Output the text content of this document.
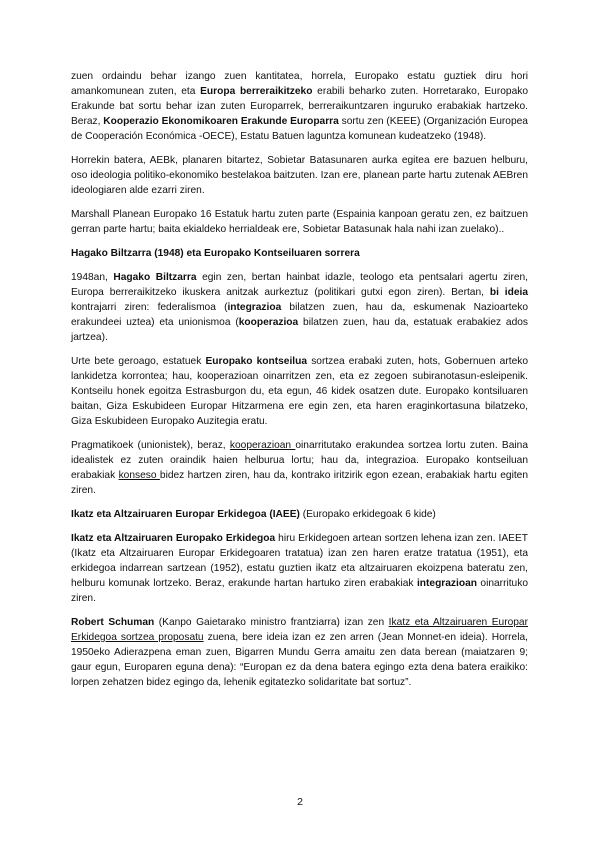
zuen ordaindu behar izango zuen kantitatea, horrela, Europako estatu guztiek diru hori amankomunean zuten, eta Europa berreraikitzeko erabili beharko zuten. Horretarako, Europako Erakunde bat sortu behar izan zuten Europarrek, berreraikuntzaren inguruko erabakiak hartzeko. Beraz, Kooperazio Ekonomikoaren Erakunde Europarra sortu zen (KEEE) (Organización Europea de Cooperación Económica -OECE), Estatu Batuen laguntza komunean kudeatzeko (1948).

Horrekin batera, AEBk, planaren bitartez, Sobietar Batasunaren aurka egitea ere bazuen helburu, oso ideologia politiko-ekonomiko bestelakoa baitzuten. Izan ere, planean parte hartu zutenak AEBren ideologiaren alde ezarri ziren.

Marshall Planean Europako 16 Estatuk hartu zuten parte (Espainia kanpoan geratu zen, ez baitzuen gerran parte hartu; baita ekialdeko herrialdeak ere, Sobietar Batasunak hala nahi izan zuelako)..

Hagako Biltzarra (1948) eta Europako Kontseiluaren sorrera

1948an, Hagako Biltzarra egin zen, bertan hainbat idazle, teologo eta pentsalari agertu ziren, Europa berreraikitzeko ikuskera anitzak aurkeztuz (politikari gutxi egon ziren). Bertan, bi ideia kontrajarri ziren: federalismoa (integrazioa bilatzen zuen, hau da, eskumenak Nazioarteko erakundeei uztea) eta unionismoa (kooperazioa bilatzen zuen, hau da, estatuak erabakiez ados jartzea).

Urte bete geroago, estatuek Europako kontseilua sortzea erabaki zuten, hots, Gobernuen arteko lankidetza korrontea; hau, kooperazioan oinarritzen zen, eta ez zegoen subiranotasun-esleipenik. Kontseilu honek egoitza Estrasburgon du, eta egun, 46 kidek osatzen dute. Europako kontsiluaren baitan, Giza Eskubideen Europar Hitzarmena ere egin zen, eta haren eraginkortasuna bilatzeko, Giza Eskubideen Europako Auzitegia eratu.

Pragmatikoek (unionistek), beraz, kooperazioan oinarritutako erakundea sortzea lortu zuten. Baina idealistek ez zuten oraindik haien helburua lortu; hau da, integrazioa. Europako kontseiluan erabakiak konseso bidez hartzen ziren, hau da, kontrako iritzirik egon ezean, erabakiak hartu egiten ziren.

Ikatz eta Altzairuaren Europar Erkidegoa (IAEE) (Europako erkidegoak 6 kide)

Ikatz eta Altzairuaren Europako Erkidegoa hiru Erkidegoen artean sortzen lehena izan zen. IAEET (Ikatz eta Altzairuaren Europar Erkidegoaren tratatua) izan zen haren eratze tratatua (1951), eta erkidegoa indarrean sartzean (1952), estatu guztien ikatz eta altzairuaren ekoizpena bateratu zen, helburu komunak lortzeko. Beraz, erakunde hartan hartuko ziren erabakiak integrazioan oinarrituko ziren.

Robert Schuman (Kanpo Gaietarako ministro frantziarra) izan zen Ikatz eta Altzairuaren Europar Erkidegoa sortzea proposatu zuena, bere ideia izan ez zen arren (Jean Monnet-en ideia). Horrela, 1950eko Adierazpena eman zuen, Bigarren Mundu Gerra amaitu zen data berean (maiatzaren 9; gaur egun, Europaren eguna dena): “Europan ez da dena batera egingo ezta dena batera eraikiko: lorpen zehatzen bidez egingo da, lehenik egitatezko solidaritate bat sortuz”.

2
